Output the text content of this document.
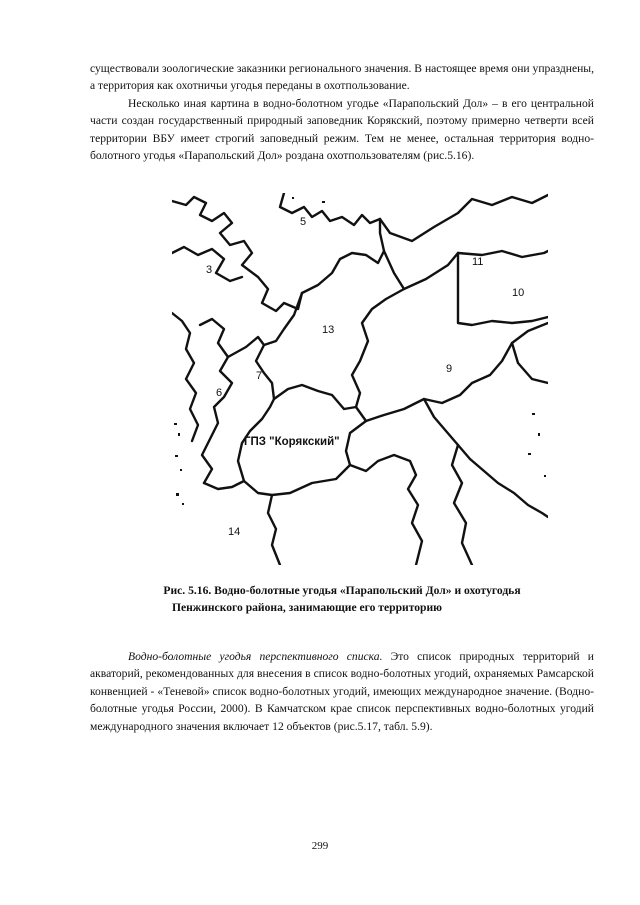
существовали зоологические заказники регионального значения. В настоящее время они упразднены, а территория как охотничьи угодья переданы в охотпользование.

Несколько иная картина в водно-болотном угодье «Парапольский Дол» – в его центральной части создан государственный природный заповедник Корякский, поэтому примерно четверти всей территории ВБУ имеет строгий заповедный режим. Тем не менее, остальная территория водно-болотного угодья «Парапольский Дол» роздана охотпользователям (рис.5.16).

3
5
11
10
13
7
6
9
14
ГПЗ "Корякский"
Рис. 5.16. Водно-болотные угодья «Парапольский Дол» и охотугодья

Пенжинского района, занимающие его территорию

Водно-болотные угодья перспективного списка. Это список природных территорий и акваторий, рекомендованных для внесения в список водно-болотных угодий, охраняемых Рамсарской конвенцией - «Теневой» список водно-болотных угодий, имеющих международное значение. (Водно-болотные угодья России, 2000). В Камчатском крае список перспективных водно-болотных угодий международного значения включает 12 объектов (рис.5.17, табл. 5.9).

299
